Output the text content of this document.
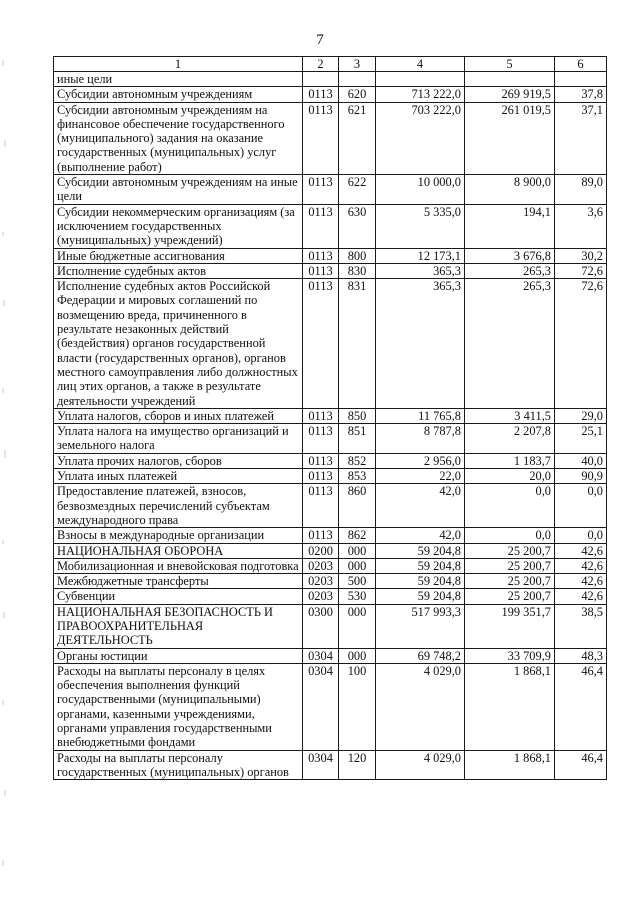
7
1	2	3	4	5	6
иные цели					
Субсидии автономным учреждениям	0113	620	713 222,0	269 919,5	37,8
Субсидии автономным учреждениям на финансовое обеспечение государственного (муниципального) задания на оказание государственных (муниципальных) услуг (выполнение работ)	0113	621	703 222,0	261 019,5	37,1
Субсидии автономным учреждениям на иные цели	0113	622	10 000,0	8 900,0	89,0
Субсидии некоммерческим организациям (за исключением государственных (муниципальных) учреждений)	0113	630	5 335,0	194,1	3,6
Иные бюджетные ассигнования	0113	800	12 173,1	3 676,8	30,2
Исполнение судебных актов	0113	830	365,3	265,3	72,6
Исполнение судебных актов Российской Федерации и мировых соглашений по возмещению вреда, причиненного в результате незаконных действий (бездействия) органов государственной власти (государственных органов), органов местного самоуправления либо должностных лиц этих органов, а также в результате деятельности учреждений	0113	831	365,3	265,3	72,6
Уплата налогов, сборов и иных платежей	0113	850	11 765,8	3 411,5	29,0
Уплата налога на имущество организаций и земельного налога	0113	851	8 787,8	2 207,8	25,1
Уплата прочих налогов, сборов	0113	852	2 956,0	1 183,7	40,0
Уплата иных платежей	0113	853	22,0	20,0	90,9
Предоставление платежей, взносов, безвозмездных перечислений субъектам международного права	0113	860	42,0	0,0	0,0
Взносы в международные организации	0113	862	42,0	0,0	0,0
НАЦИОНАЛЬНАЯ ОБОРОНА	0200	000	59 204,8	25 200,7	42,6
Мобилизационная и вневойсковая подготовка	0203	000	59 204,8	25 200,7	42,6
Межбюджетные трансферты	0203	500	59 204,8	25 200,7	42,6
Субвенции	0203	530	59 204,8	25 200,7	42,6
НАЦИОНАЛЬНАЯ БЕЗОПАСНОСТЬ И ПРАВООХРАНИТЕЛЬНАЯ ДЕЯТЕЛЬНОСТЬ	0300	000	517 993,3	199 351,7	38,5
Органы юстиции	0304	000	69 748,2	33 709,9	48,3
Расходы на выплаты персоналу в целях обеспечения выполнения функций государственными (муниципальными) органами, казенными учреждениями, органами управления государственными внебюджетными фондами	0304	100	4 029,0	1 868,1	46,4
Расходы на выплаты персоналу государственных (муниципальных) органов	0304	120	4 029,0	1 868,1	46,4
